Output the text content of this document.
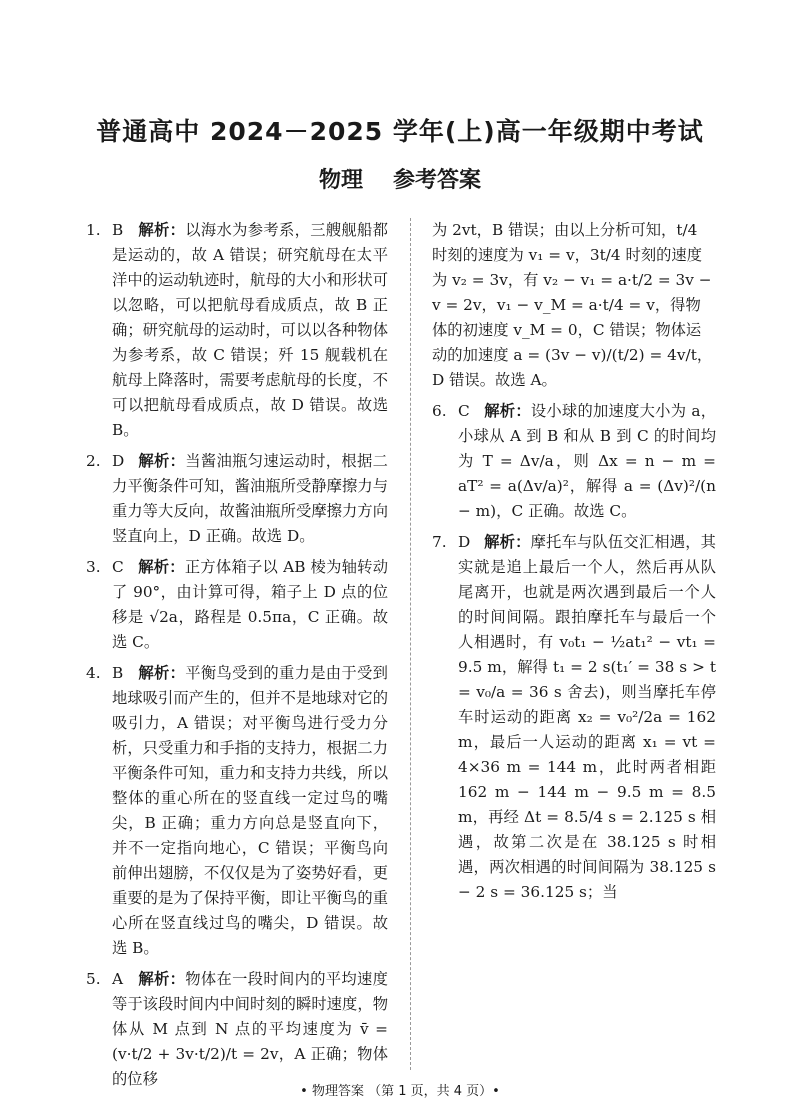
普通高中 2024－2025 学年(上)高一年级期中考试
物理 参考答案
1. B 解析：以海水为参考系，三艘舰船都是运动的，故 A 错误；研究航母在太平洋中的运动轨迹时，航母的大小和形状可以忽略，可以把航母看成质点，故 B 正确；研究航母的运动时，可以以各种物体为参考系，故 C 错误；歼 15 舰载机在航母上降落时，需要考虑航母的长度，不可以把航母看成质点，故 D 错误。故选 B。
2. D 解析：当酱油瓶匀速运动时，根据二力平衡条件可知，酱油瓶所受静摩擦力与重力等大反向，故酱油瓶所受摩擦力方向竖直向上，D 正确。故选 D。
3. C 解析：正方体箱子以 AB 棱为轴转动了 90°，由计算可得，箱子上 D 点的位移是 √2a，路程是 0.5πa，C 正确。故选 C。
4. B 解析：平衡鸟受到的重力是由于受到地球吸引而产生的，但并不是地球对它的吸引力，A 错误；对平衡鸟进行受力分析，只受重力和手指的支持力，根据二力平衡条件可知，重力和支持力共线，所以整体的重心所在的竖直线一定过鸟的嘴尖，B 正确；重力方向总是竖直向下，并不一定指向地心，C 错误；平衡鸟向前伸出翅膀，不仅仅是为了姿势好看，更重要的是为了保持平衡，即让平衡鸟的重心所在竖直线过鸟的嘴尖，D 错误。故选 B。
5. A 解析：物体在一段时间内的平均速度等于该段时间内中间时刻的瞬时速度，物体从 M 点到 N 点的平均速度为 v̄ = (v·t/2 + 3v·t/2)/t = 2v，A 正确；物体的位移

为 2vt，B 错误；由以上分析可知，t/4 时刻的速度为 v₁ = v，3t/4 时刻的速度为 v₂ = 3v，有 v₂ − v₁ = a·t/2 = 3v − v = 2v，v₁ − v_M = a·t/4 = v，得物体的初速度 v_M = 0，C 错误；物体运动的加速度 a = (3v − v)/(t/2) = 4v/t，D 错误。故选 A。

6. C 解析：设小球的加速度大小为 a，小球从 A 到 B 和从 B 到 C 的时间均为 T = Δv/a，则 Δx = n − m = aT² = a(Δv/a)²，解得 a = (Δv)²/(n − m)，C 正确。故选 C。
7. D 解析：摩托车与队伍交汇相遇，其实就是追上最后一个人，然后再从队尾离开，也就是两次遇到最后一个人的时间间隔。跟拍摩托车与最后一个人相遇时，有 v₀t₁ − ½at₁² − vt₁ = 9.5 m，解得 t₁ = 2 s(t₁′ = 38 s > t = v₀/a = 36 s 舍去)，则当摩托车停车时运动的距离 x₂ = v₀²/2a = 162 m，最后一人运动的距离 x₁ = vt = 4×36 m = 144 m，此时两者相距 162 m − 144 m − 9.5 m = 8.5 m，再经 Δt = 8.5/4 s = 2.125 s 相遇，故第二次是在 38.125 s 时相遇，两次相遇的时间间隔为 38.125 s − 2 s = 36.125 s；当
• 物理答案 （第 1 页，共 4 页）•
